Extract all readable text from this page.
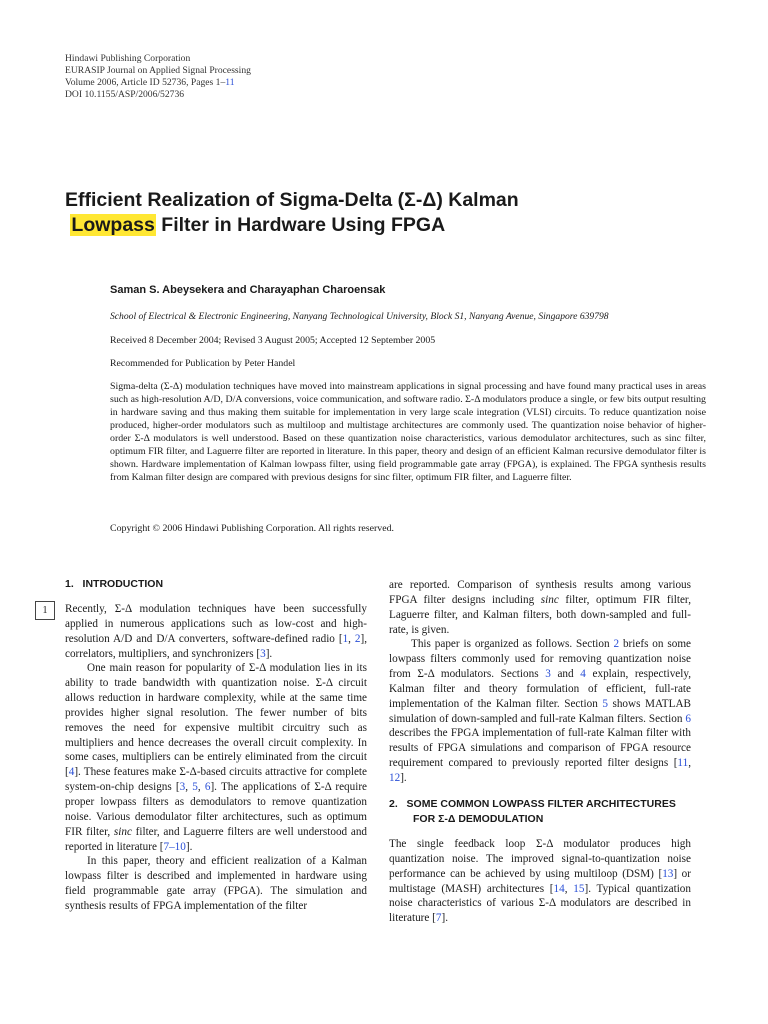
Hindawi Publishing Corporation
EURASIP Journal on Applied Signal Processing
Volume 2006, Article ID 52736, Pages 1–11
DOI 10.1155/ASP/2006/52736
Efficient Realization of Sigma-Delta (Σ-Δ) Kalman
Lowpass Filter in Hardware Using FPGA
Saman S. Abeysekera and Charayaphan Charoensak
School of Electrical & Electronic Engineering, Nanyang Technological University, Block S1, Nanyang Avenue, Singapore 639798
Received 8 December 2004; Revised 3 August 2005; Accepted 12 September 2005
Recommended for Publication by Peter Handel
Sigma-delta (Σ-Δ) modulation techniques have moved into mainstream applications in signal processing and have found many practical uses in areas such as high-resolution A/D, D/A conversions, voice communication, and software radio. Σ-Δ modulators produce a single, or few bits output resulting in hardware saving and thus making them suitable for implementation in very large scale integration (VLSI) circuits. To reduce quantization noise produced, higher-order modulators such as multiloop and multistage architectures are commonly used. The quantization noise behavior of higher-order Σ-Δ modulators is well understood. Based on these quantization noise characteristics, various demodulator architectures, such as sinc filter, optimum FIR filter, and Laguerre filter are reported in literature. In this paper, theory and design of an efficient Kalman recursive demodulator filter is shown. Hardware implementation of Kalman lowpass filter, using field programmable gate array (FPGA), is explained. The FPGA synthesis results from Kalman filter design are compared with previous designs for sinc filter, optimum FIR filter, and Laguerre filter.
Copyright © 2006 Hindawi Publishing Corporation. All rights reserved.
1
1. INTRODUCTION

Recently, Σ-Δ modulation techniques have been successfully applied in numerous applications such as low-cost and high-resolution A/D and D/A converters, software-defined radio [1, 2], correlators, multipliers, and synchronizers [3].

One main reason for popularity of Σ-Δ modulation lies in its ability to trade bandwidth with quantization noise. Σ-Δ circuit allows reduction in hardware complexity, while at the same time provides higher signal resolution. The fewer number of bits removes the need for expensive multibit circuitry such as multipliers and hence decreases the overall circuit complexity. In some cases, multipliers can be entirely eliminated from the circuit [4]. These features make Σ-Δ-based circuits attractive for complete system-on-chip designs [3, 5, 6]. The applications of Σ-Δ require proper lowpass filters as demodulators to remove quantization noise. Various demodulator filter architectures, such as optimum FIR filter, sinc filter, and Laguerre filters are well understood and reported in literature [7–10].

In this paper, theory and efficient realization of a Kalman lowpass filter is described and implemented in hardware using field programmable gate array (FPGA). The simulation and synthesis results of FPGA implementation of the filter

are reported. Comparison of synthesis results among various FPGA filter designs including sinc filter, optimum FIR filter, Laguerre filter, and Kalman filters, both down-sampled and full-rate, is given.

This paper is organized as follows. Section 2 briefs on some lowpass filters commonly used for removing quantization noise from Σ-Δ modulators. Sections 3 and 4 explain, respectively, Kalman filter and theory formulation of efficient, full-rate implementation of the Kalman filter. Section 5 shows MATLAB simulation of down-sampled and full-rate Kalman filters. Section 6 describes the FPGA implementation of full-rate Kalman filter with results of FPGA simulations and comparison of FPGA resource requirement compared to previously reported filter designs [11, 12].

2. SOME COMMON LOWPASS FILTER ARCHITECTURES
FOR Σ-Δ DEMODULATION

The single feedback loop Σ-Δ modulator produces high quantization noise. The improved signal-to-quantization noise performance can be achieved by using multiloop (DSM) [13] or multistage (MASH) architectures [14, 15]. Typical quantization noise characteristics of various Σ-Δ modulators are described in literature [7].
